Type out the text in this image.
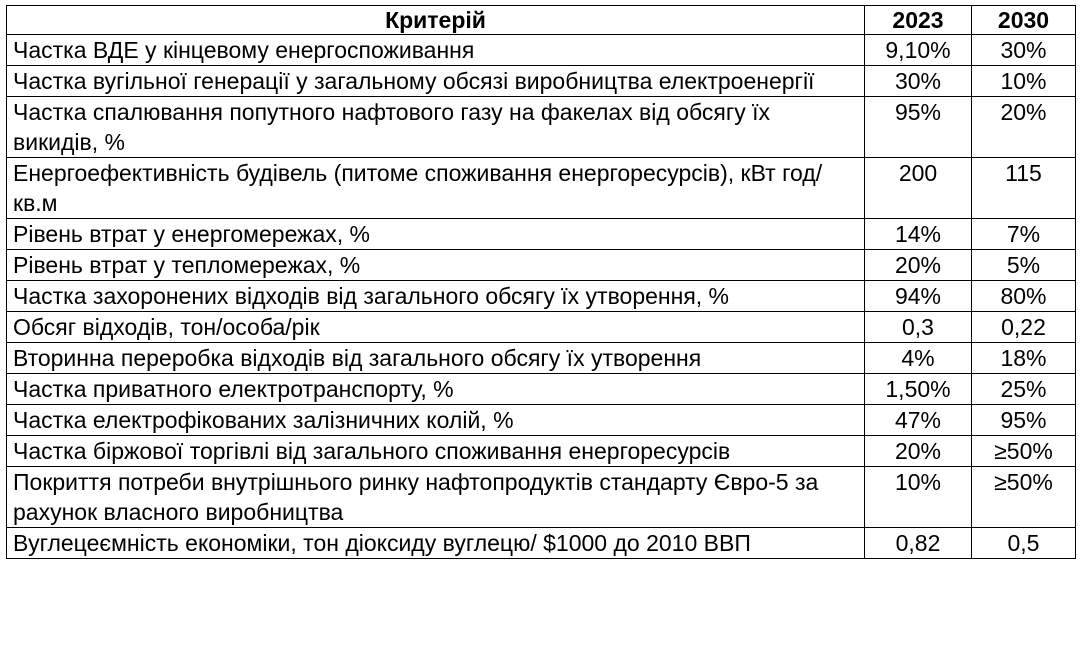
Критерій	2023	2030
Частка ВДЕ у кінцевому енергоспоживання	9,10%	30%
Частка вугільної генерації у загальному обсязі виробництва електроенергії	30%	10%
Частка спалювання попутного нафтового газу на факелах від обсягу їх викидів, %	95%	20%
Енергоефективність будівель (питоме споживання енергоресурсів), кВт год/кв.м	200	115
Рівень втрат у енергомережах, %	14%	7%
Рівень втрат у тепломережах, %	20%	5%
Частка захоронених відходів від загального обсягу їх утворення, %	94%	80%
Обсяг відходів, тон/особа/рік	0,3	0,22
Вторинна переробка відходів від загального обсягу їх утворення	4%	18%
Частка приватного електротранспорту, %	1,50%	25%
Частка електрофікованих залізничних колій, %	47%	95%
Частка біржової торгівлі від загального споживання енергоресурсів	20%	≥50%
Покриття потреби внутрішнього ринку нафтопродуктів стандарту Євро-5 за рахунок власного виробництва	10%	≥50%
Вуглецеємність економіки, тон діоксиду вуглецю/ $1000 до 2010 ВВП	0,82	0,5
